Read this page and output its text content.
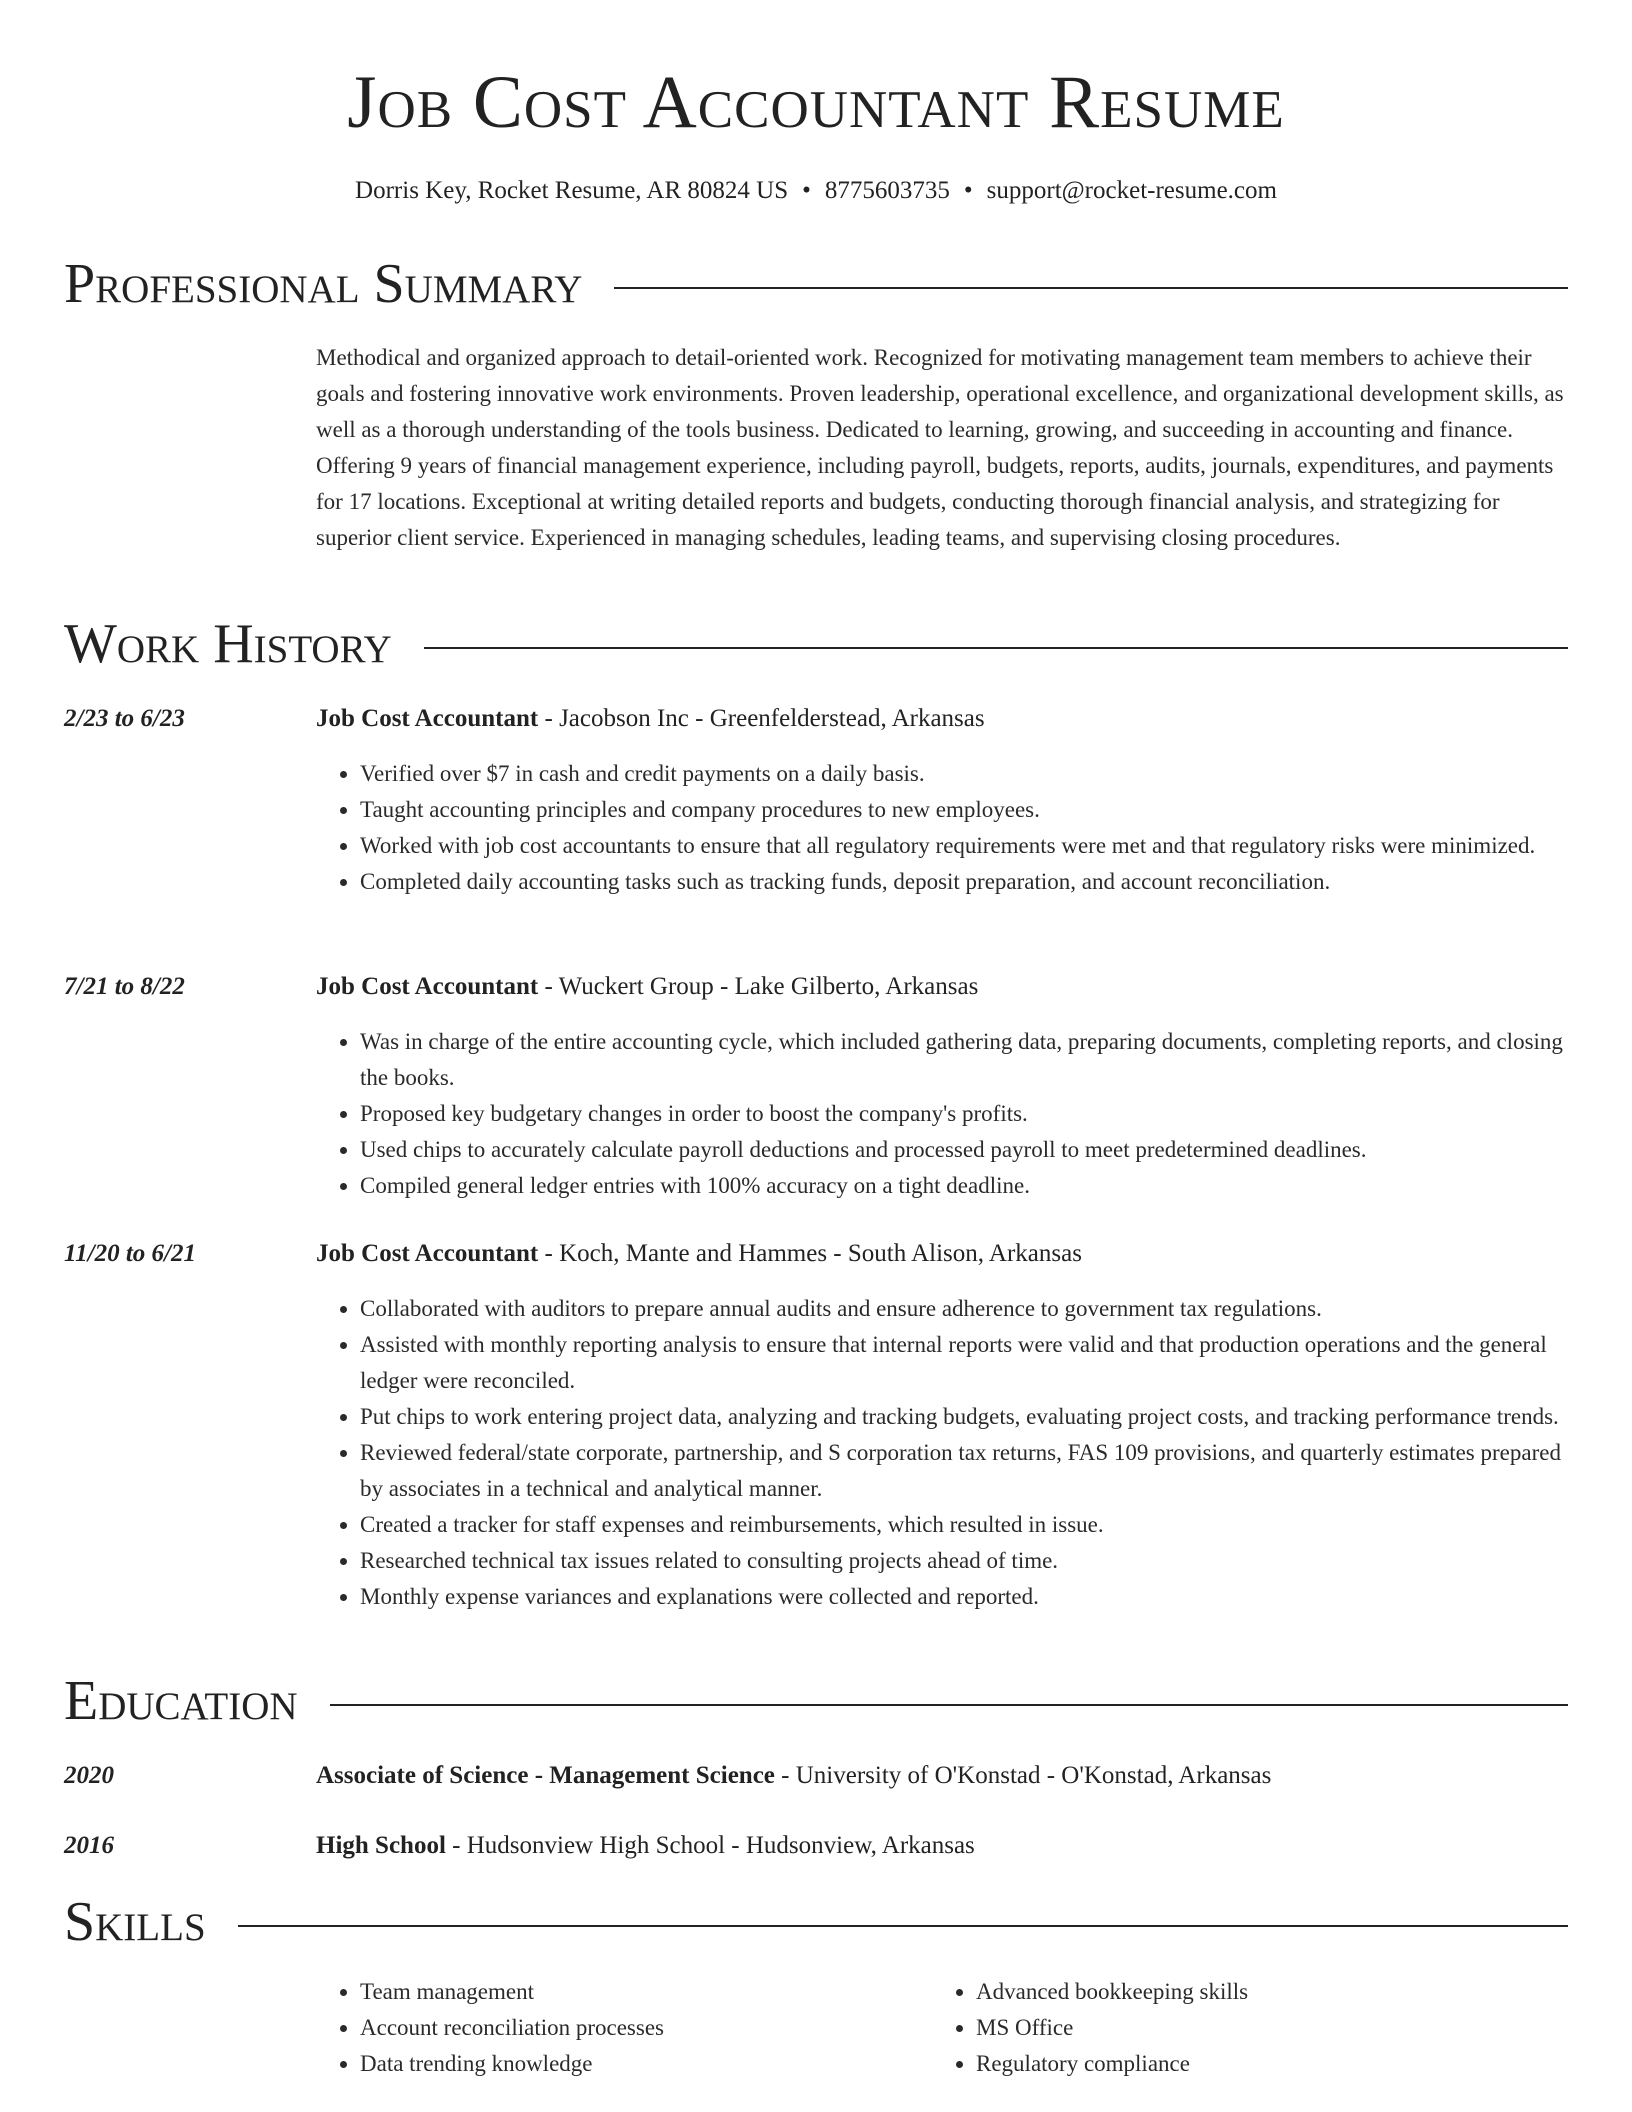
Job Cost Accountant Resume
Dorris Key, Rocket Resume, AR 80824 US • 8775603735 • support@rocket-resume.com
Professional Summary
Methodical and organized approach to detail-oriented work. Recognized for motivating management team members to achieve their goals and fostering innovative work environments. Proven leadership, operational excellence, and organizational development skills, as well as a thorough understanding of the tools business. Dedicated to learning, growing, and succeeding in accounting and finance. Offering 9 years of financial management experience, including payroll, budgets, reports, audits, journals, expenditures, and payments for 17 locations. Exceptional at writing detailed reports and budgets, conducting thorough financial analysis, and strategizing for superior client service. Experienced in managing schedules, leading teams, and supervising closing procedures.
Work History
2/23 to 6/23	Job Cost Accountant - Jacobson Inc - Greenfelderstead, Arkansas
• Verified over $7 in cash and credit payments on a daily basis.
• Taught accounting principles and company procedures to new employees.
• Worked with job cost accountants to ensure that all regulatory requirements were met and that regulatory risks were minimized.
• Completed daily accounting tasks such as tracking funds, deposit preparation, and account reconciliation.
7/21 to 8/22	Job Cost Accountant - Wuckert Group - Lake Gilberto, Arkansas
• Was in charge of the entire accounting cycle, which included gathering data, preparing documents, completing reports, and closing the books.
• Proposed key budgetary changes in order to boost the company's profits.
• Used chips to accurately calculate payroll deductions and processed payroll to meet predetermined deadlines.
• Compiled general ledger entries with 100% accuracy on a tight deadline.
11/20 to 6/21	Job Cost Accountant - Koch, Mante and Hammes - South Alison, Arkansas
• Collaborated with auditors to prepare annual audits and ensure adherence to government tax regulations.
• Assisted with monthly reporting analysis to ensure that internal reports were valid and that production operations and the general ledger were reconciled.
• Put chips to work entering project data, analyzing and tracking budgets, evaluating project costs, and tracking performance trends.
• Reviewed federal/state corporate, partnership, and S corporation tax returns, FAS 109 provisions, and quarterly estimates prepared by associates in a technical and analytical manner.
• Created a tracker for staff expenses and reimbursements, which resulted in issue.
• Researched technical tax issues related to consulting projects ahead of time.
• Monthly expense variances and explanations were collected and reported.
Education
2020	Associate of Science - Management Science - University of O'Konstad - O'Konstad, Arkansas
2016	High School - Hudsonview High School - Hudsonview, Arkansas
Skills
• Team management
• Account reconciliation processes
• Data trending knowledge
• Advanced bookkeeping skills
• MS Office
• Regulatory compliance
